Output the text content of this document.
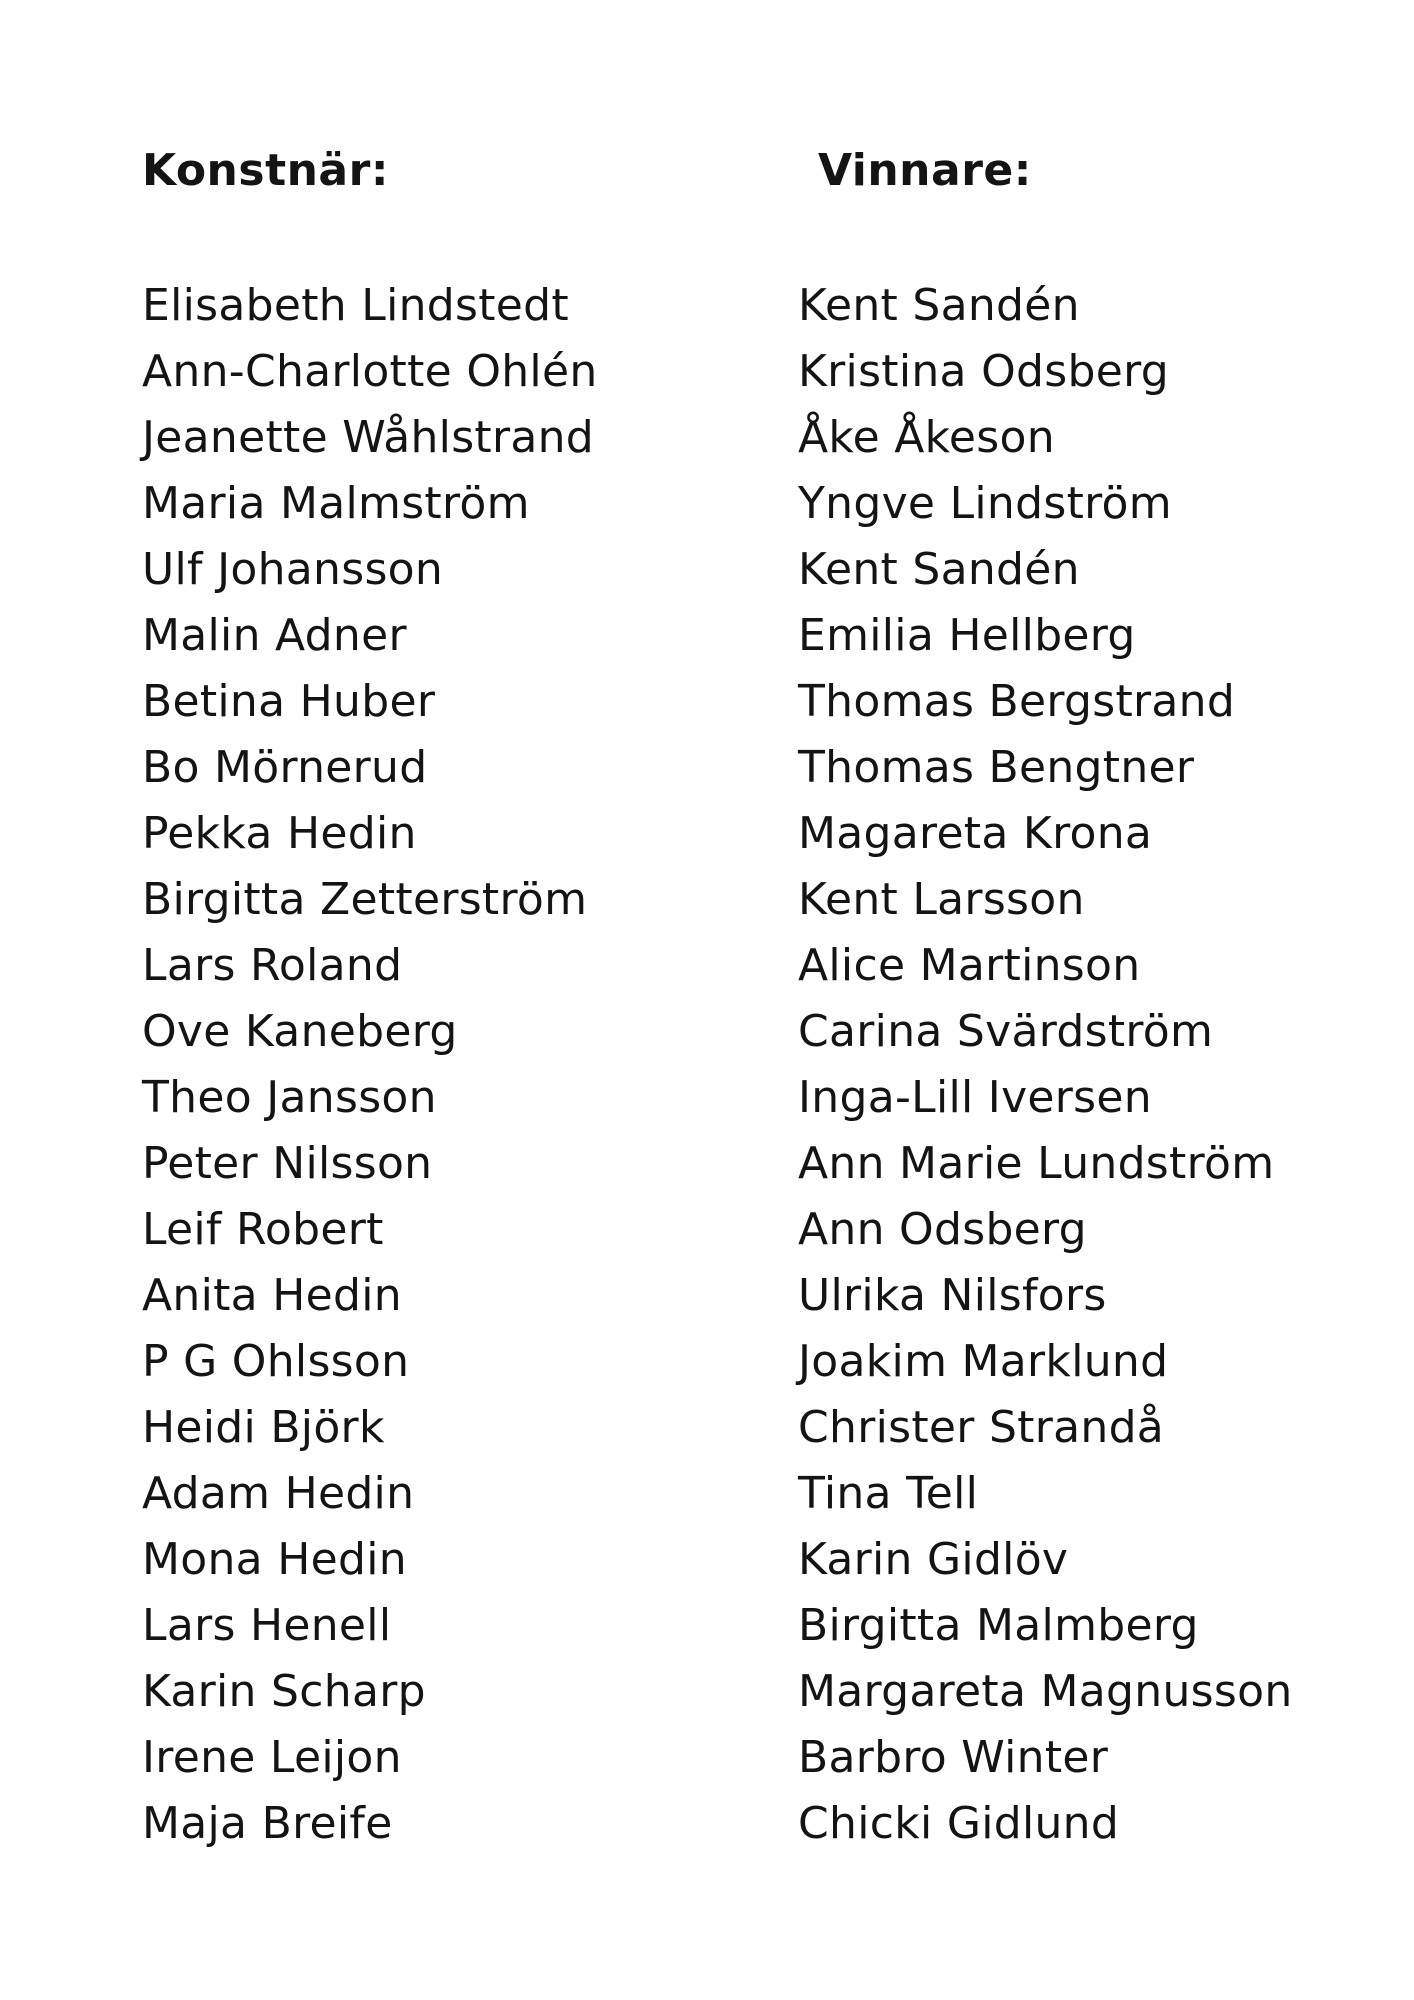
Konstnär:	Vinnare:
Elisabeth Lindstedt
Ann-Charlotte Ohlén
Jeanette Wåhlstrand
Maria Malmström
Ulf Johansson
Malin Adner
Betina Huber
Bo Mörnerud
Pekka Hedin
Birgitta Zetterström
Lars Roland
Ove Kaneberg
Theo Jansson
Peter Nilsson
Leif Robert
Anita Hedin
P G Ohlsson
Heidi Björk
Adam Hedin
Mona Hedin
Lars Henell
Karin Scharp
Irene Leijon
Maja Breife
Kent Sandén
Kristina Odsberg
Åke Åkeson
Yngve Lindström
Kent Sandén
Emilia Hellberg
Thomas Bergstrand
Thomas Bengtner
Magareta Krona
Kent Larsson
Alice Martinson
Carina Svärdström
Inga-Lill Iversen
Ann Marie Lundström
Ann Odsberg
Ulrika Nilsfors
Joakim Marklund
Christer Strandå
Tina Tell
Karin Gidlöv
Birgitta Malmberg
Margareta Magnusson
Barbro Winter
Chicki Gidlund
